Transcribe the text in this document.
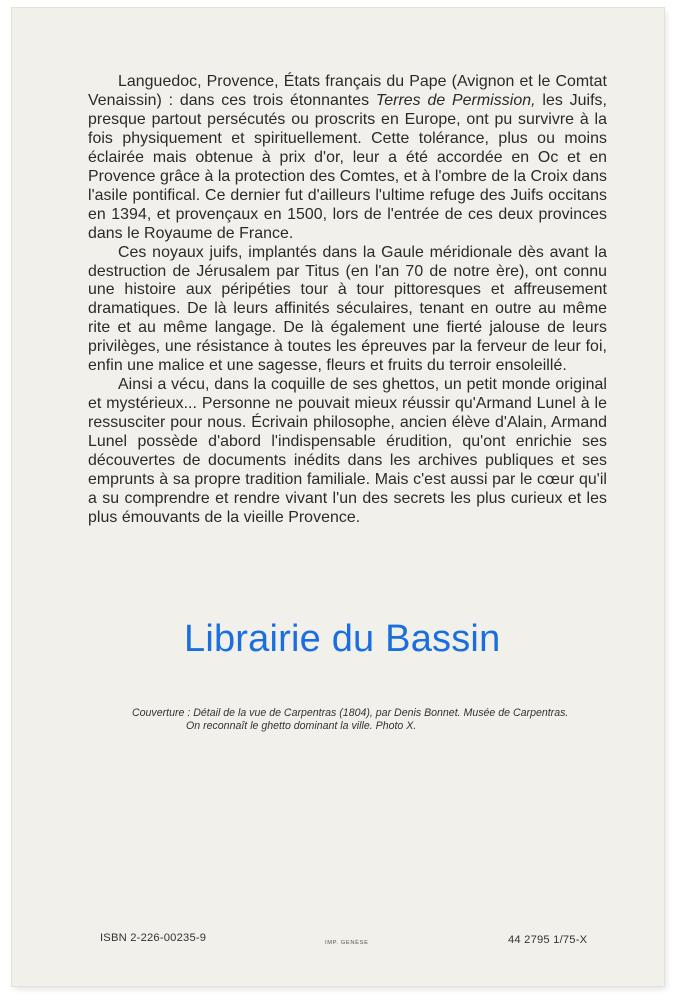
Languedoc, Provence, États français du Pape (Avignon et le Comtat Venaissin) : dans ces trois étonnantes Terres de Permission, les Juifs, presque partout persécutés ou proscrits en Europe, ont pu survivre à la fois physiquement et spirituellement. Cette tolérance, plus ou moins éclairée mais obtenue à prix d'or, leur a été accordée en Oc et en Provence grâce à la protection des Comtes, et à l'ombre de la Croix dans l'asile pontifical. Ce dernier fut d'ailleurs l'ultime refuge des Juifs occitans en 1394, et provençaux en 1500, lors de l'entrée de ces deux provinces dans le Royaume de France.

Ces noyaux juifs, implantés dans la Gaule méridionale dès avant la destruction de Jérusalem par Titus (en l'an 70 de notre ère), ont connu une histoire aux péripéties tour à tour pittoresques et affreusement dramatiques. De là leurs affinités séculaires, tenant en outre au même rite et au même langage. De là également une fierté jalouse de leurs privilèges, une résistance à toutes les épreuves par la ferveur de leur foi, enfin une malice et une sagesse, fleurs et fruits du terroir ensoleillé.

Ainsi a vécu, dans la coquille de ses ghettos, un petit monde original et mystérieux... Personne ne pouvait mieux réussir qu'Armand Lunel à le ressusciter pour nous. Écrivain philosophe, ancien élève d'Alain, Armand Lunel possède d'abord l'indispensable érudition, qu'ont enrichie ses découvertes de documents inédits dans les archives publiques et ses emprunts à sa propre tradition familiale. Mais c'est aussi par le cœur qu'il a su comprendre et rendre vivant l'un des secrets les plus curieux et les plus émouvants de la vieille Provence.

Librairie du Bassin
Couverture : Détail de la vue de Carpentras (1804), par Denis Bonnet. Musée de Carpentras.
On reconnaît le ghetto dominant la ville. Photo X.
ISBN 2-226-00235-9	IMP. GENÈSE	44 2795 1/75-X
